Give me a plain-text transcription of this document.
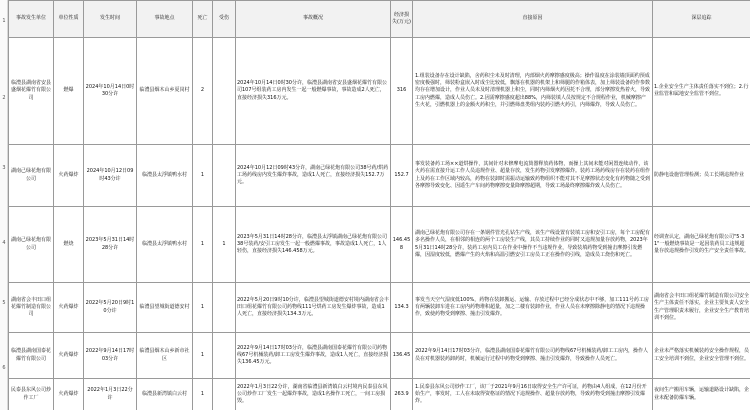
1
2
3
4
5
6
事故发生单位	单位性质	发生时间	事故地点	死亡	受伤	事故概况	经济损失(万元)	直接原因	深层追踪
临澧县湖南省安县盛烟花爆竹有限公司	燃爆	2024年10月14日0时30分许	临澧县烟木山乡夏岗村	2		2024年10月14日0时30分许，临澧县湖南省安县盛烟花爆竹有限公司107号组装药工房内发生一起一般燃爆事故，事故造成2人死亡，直接经济损失316万元。	316	1.组装设备存在设计缺陷，舍药积尘未及时清理，内部烟火药摩擦感度极高；操作温度在涂装墙顶面约预成密度极强时，筛装粉盒嵌入时成尘比较低，飘落在机器的机架上和筛腿的作箱体表，加上筛装设备的作参数均存在增加设计，作业人员未及时清理机器上积尘，同时内筛烟火药因托不合理，部分摩擦发热着火，导致工房内燃爆，造成人员伤亡。2.因需摩擦感度超出88%，内筛装填人员按规定不合规程作业，机械摩擦产生火花，引燃机器上的金额火药积尘，并引燃筛盘类组内装药引燃火药引，内筛爆炸，导致人员伤亡。	1.企业安全生产主体责任落实不到位；2.行业监管和属地安全监管不到位。
湖南己绿花炮有限公司	火药爆炸	2024年10月12日09时43分许	临澧县太浮镇鸭水村	1		2024年10月12日09时43分许，湖南己绿花炮有限公司38号药/烘药工场药线房内发生爆炸事故，造成1人死亡，直接经济损失152.7万元。	152.7	事发装备药工场××道烘操作，其间针对未修摩电流筒器释放药体物，而操上其间未能对闲置连续动作，该火药在需直接升运工作人员违规作业、超量存放，发生药物引发摩擦爆炸。装药工场药线房存在装药在组作上及药在工作区域内较高，药物在装卸时需振动运输致药物组织不能对其不足摩擦状态变化有药物随之受到各摩擦导致变化、因遥生产车间药物摩擦变量降摩擦超期，导致工场最终摩擦爆炸致人员伤亡。	防静电设施管理检测；员工长期违规作业
湖南己绿花炮有限公司	燃烧	2023年5月31日14时28分许	临澧县太浮镇鸭水村	1	1	2023年5月31日14时28分许，临澧县太浮镇湖南己绿花炮有限公司38号装药/安引工房发生一起一般燃爆事故，事故造成1人死亡，1人轻伤，直接经济损失146.458万元。	146.458	湖南己绿花炮有限公司存在一条钢件管光孔钻生产线，该生产线设置有装填工房和安引工房，每个工房配有多名操作人员，在相邻的相连的两个工房装生产线，其员工持续作业的同时又违规加量存放药物，2023年5月31日14时28分许，装药工房内员工在作业中操作不当违规作业，导致装填药物受到撞击摩擦引发燃爆，因湿度较低，燃爆产生的火焰和高温引燃安引工房员工正在操作的引线，造成员工烧伤和死亡。	经调查认定，湖南己绿花炮有限公司"5·31"一般燃烧事故是一起因装药员工违规超量存放违规操作引发的生产安全责任事故。
湖南省会丰田口组花爆竹制造有限公司	火药爆炸	2022年5月20日9时10分许	临澧县望城街道德安村	1		2022年5月20日9时10分许，临澧县望城街道德安村境内湖南省会丰田口组花爆竹有限公司药物线111号烘药工房发生爆炸事故，造成1人死亡，直接经济损失134.3万元。	134.3	事发当天空气湿度低100%，药物在装卸搬运、运输、存放过程中已经分成状态中不够，加工111号药工房有两辆装卸车进在工房内药物堆积超量，加之二楼有装卸作业，作业人员在未摩擦除静电的情况下违规操作，致使药物受到摩擦、撞击引发爆炸。	湖南省会丰田口组花爆竹制造有限公司安全生产主体责任不落实，企业主要负责人安全生产管理职责未履行，企业安全生产教育培训不到位。
临澧县湖南国泰花爆竹有限公司	火药爆炸	2022年9月14日17时03分许	临澧县烟木山乡新市社区	1		2022年9月14日17时03分许，临澧县湖南国泰花爆竹有限公司药物线67号机械装药/卸工工房发生爆炸事故，造成1人死亡，直接经济损失136.45万元。	136.45	2022年9月14日17时03分许，临澧县湖南国泰花爆竹有限公司药物线67号机械装药/卸工工房内，操作人员在对机器装药卸药时，机械运行过程中药物受到摩擦、撞击引发爆炸，导致操作人员死亡。	企业未严格落实机械装药安全操作规程，员工安全培训不到位，企业安全管理不到位。
民泰县东风公司炒作工厂	火药爆炸	2022年1月3日22分许	临澧县新湾镇白云村	1		2022年1月3日22分许，湖南省临澧县新湾镇白云村境内民泰县东风公司炒作工厂发生一起爆炸事故，造成1名操作工死亡，一间工房损毁。	263.9	1.民泰县东风公司炒作工厂，该厂于2021年9月16日取得安全生产许可证，药物由4人组成，在12月份开始生产，事发时，工人在未取得资格证的情况下违规操作、超量存放药物，导致药物受到撞击摩擦引发爆炸。	夜间生产搬用车辆，运输道路设计缺陷，企业未配备防爆车辆。
